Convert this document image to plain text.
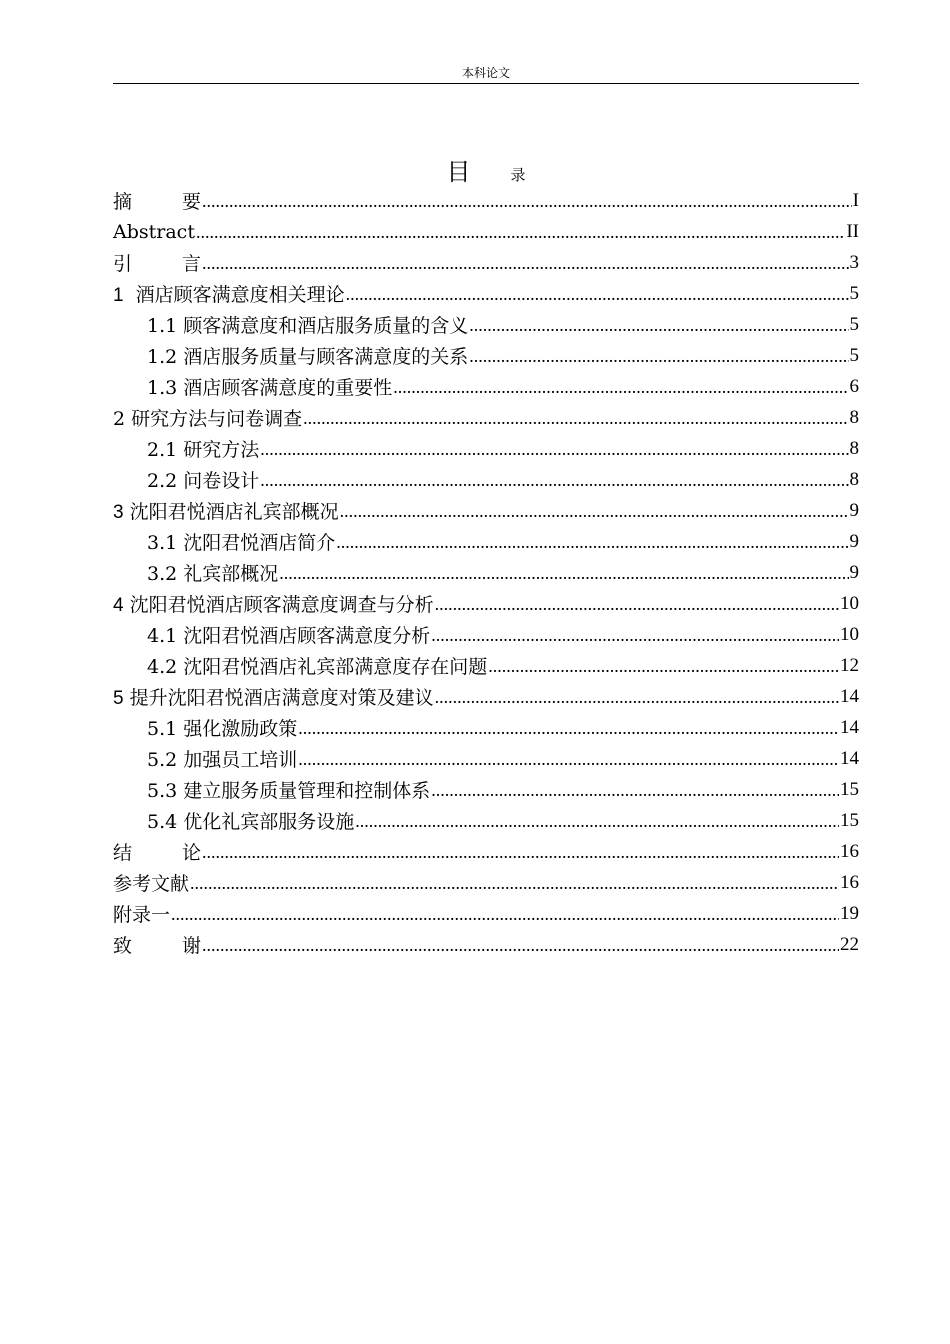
本科论文
目	录
摘	要 .....	I
Abstract .....	II
引	言 .....	3
1  酒店顾客满意度相关理论 .....	5
1.1 顾客满意度和酒店服务质量的含义 .....	5
1.2 酒店服务质量与顾客满意度的关系 .....	5
1.3 酒店顾客满意度的重要性 .....	6
2 研究方法与问卷调查 .....	8
2.1 研究方法 .....	8
2.2 问卷设计 .....	8
3 沈阳君悦酒店礼宾部概况 .....	9
3.1 沈阳君悦酒店简介 .....	9
3.2 礼宾部概况 .....	9
4 沈阳君悦酒店顾客满意度调查与分析 .....	10
4.1 沈阳君悦酒店顾客满意度分析 .....	10
4.2 沈阳君悦酒店礼宾部满意度存在问题 .....	12
5 提升沈阳君悦酒店满意度对策及建议 .....	14
5.1 强化激励政策 .....	14
5.2 加强员工培训 .....	14
5.3 建立服务质量管理和控制体系 .....	15
5.4 优化礼宾部服务设施 .....	15
结	论 .....	16
参考文献 .....	16
附录一 .....	19
致	谢 .....	22
